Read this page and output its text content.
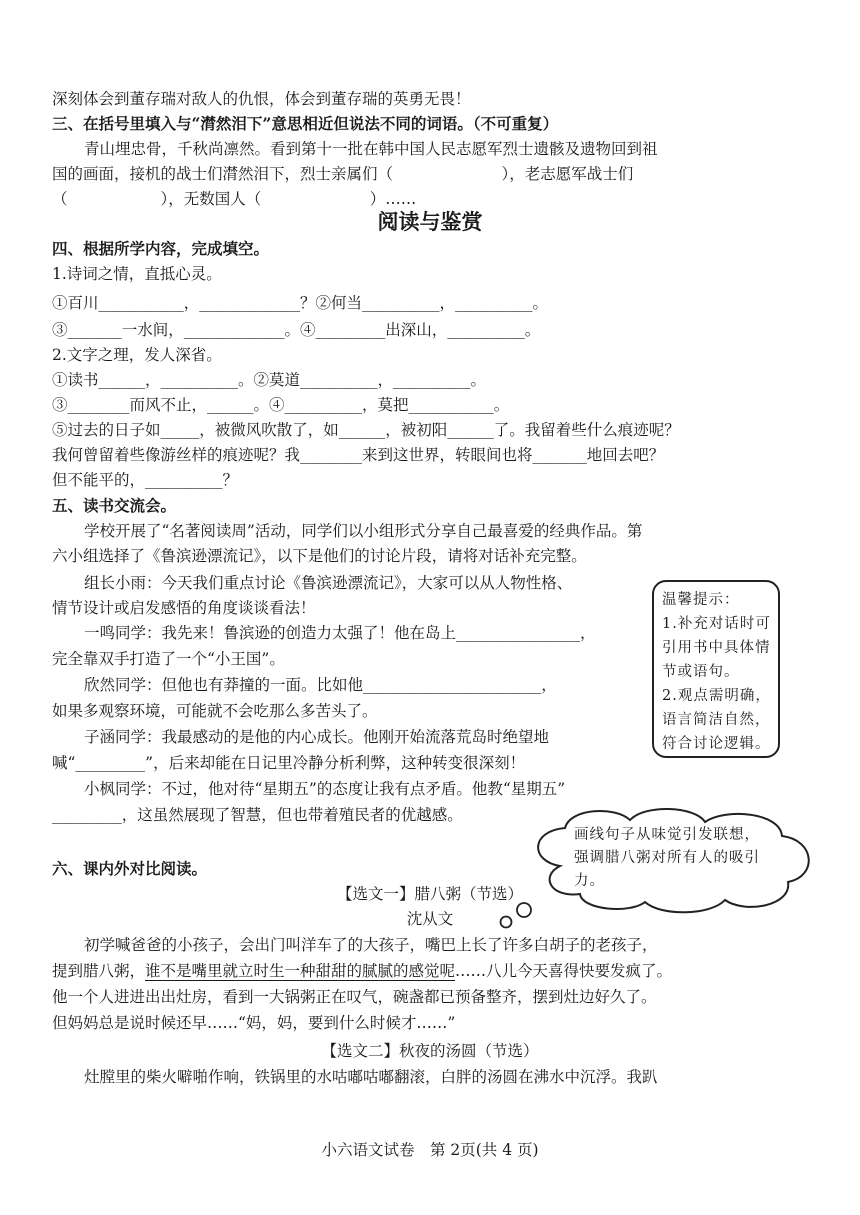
深刻体会到董存瑞对敌人的仇恨，体会到董存瑞的英勇无畏！
三、在括号里填入与“潸然泪下”意思相近但说法不同的词语。（不可重复）
青山埋忠骨，千秋尚凛然。看到第十一批在韩中国人民志愿军烈士遗骸及遗物回到祖
国的画面，接机的战士们潸然泪下，烈士亲属们（　　　　　　　），老志愿军战士们
（　　　　　　），无数国人（　　　　　　　）……
阅读与鉴赏
四、根据所学内容，完成填空。
1.诗词之情，直抵心灵。
①百川___________，_____________？②何当__________，__________。
③_______一水间，_____________。④_________出深山，__________。
2.文字之理，发人深省。
①读书______，__________。②莫道__________，__________。
③________而风不止，______。④__________，莫把___________。
⑤过去的日子如_____，被微风吹散了，如______，被初阳______了。我留着些什么痕迹呢？
我何曾留着些像游丝样的痕迹呢？我________来到这世界，转眼间也将_______地回去吧？
但不能平的，__________？
五、读书交流会。
学校开展了“名著阅读周”活动，同学们以小组形式分享自己最喜爱的经典作品。第
六小组选择了《鲁滨逊漂流记》，以下是他们的讨论片段，请将对话补充完整。
组长小雨：今天我们重点讨论《鲁滨逊漂流记》，大家可以从人物性格、
情节设计或启发感悟的角度谈谈看法！
一鸣同学：我先来！鲁滨逊的创造力太强了！他在岛上________________，
完全靠双手打造了一个“小王国”。
欣然同学：但他也有莽撞的一面。比如他_______________________，
如果多观察环境，可能就不会吃那么多苦头了。
子涵同学：我最感动的是他的内心成长。他刚开始流落荒岛时绝望地
喊“_________”，后来却能在日记里冷静分析利弊，这种转变很深刻！
小枫同学：不过，他对待“星期五”的态度让我有点矛盾。他教“星期五”
_________，这虽然展现了智慧，但也带着殖民者的优越感。
温馨提示：
1.补充对话时可引用书中具体情节或语句。
2.观点需明确，语言简洁自然，符合讨论逻辑。
六、课内外对比阅读。
【选文一】腊八粥（节选）
沈从文
初学喊爸爸的小孩子，会出门叫洋车了的大孩子，嘴巴上长了许多白胡子的老孩子，
提到腊八粥，谁不是嘴里就立时生一种甜甜的腻腻的感觉呢……八儿今天喜得快要发疯了。
他一个人进进出出灶房，看到一大锅粥正在叹气，碗盏都已预备整齐，摆到灶边好久了。
但妈妈总是说时候还早……“妈，妈，要到什么时候才……”
【选文二】秋夜的汤圆（节选）
灶膛里的柴火噼啪作响，铁锅里的水咕嘟咕嘟翻滚，白胖的汤圆在沸水中沉浮。我趴
画线句子从味觉引发联想，强调腊八粥对所有人的吸引力。
小六语文试卷　第 2页(共 4 页)
